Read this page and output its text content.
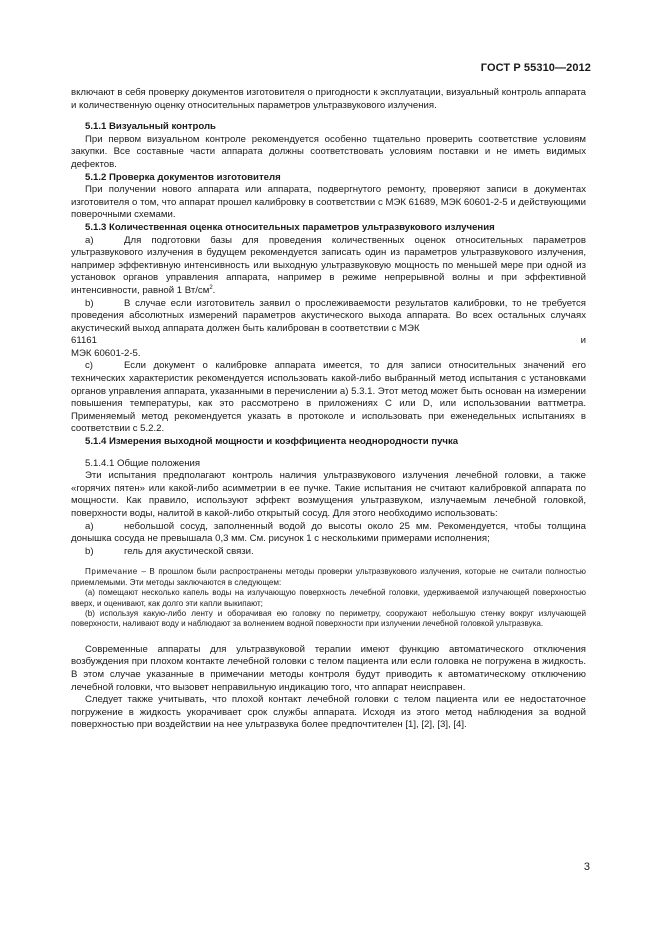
ГОСТ Р 55310—2012

включают в себя проверку документов изготовителя о пригодности к эксплуатации, визуальный контроль аппарата и количественную оценку относительных параметров ультразвукового излучения.

5.1.1 Визуальный контроль

При первом визуальном контроле рекомендуется особенно тщательно проверить соответствие условиям закупки. Все составные части аппарата должны соответствовать условиям поставки и не иметь видимых дефектов.

5.1.2 Проверка документов изготовителя

При получении нового аппарата или аппарата, подвергнутого ремонту, проверяют записи в документах изготовителя о том, что аппарат прошел калибровку в соответствии с МЭК 61689, МЭК 60601-2-5 и действующими поверочными схемами.

5.1.3 Количественная оценка относительных параметров ультразвукового излучения

a)	Для подготовки базы для проведения количественных оценок относительных параметров ультразвукового излучения в будущем рекомендуется записать один из параметров ультразвукового излучения, например эффективную интенсивность или выходную ультразвуковую мощность по меньшей мере при одной из установок органов управления аппарата, например в режиме непрерывной волны и при эффективной интенсивности, равной 1 $Вт/см^2$.

b)	В случае если изготовитель заявил о прослеживаемости результатов калибровки, то не требуется проведения абсолютных измерений параметров акустического выхода аппарата. Во всех остальных случаях акустический выход аппарата должен быть калиброван в соответствии с МЭК

61161	и

МЭК 60601-2-5.

c)	Если документ о калибровке аппарата имеется, то для записи относительных значений его технических характеристик рекомендуется использовать какой-либо выбранный метод испытания с установками органов управления аппарата, указанными в перечислении а) 5.3.1. Этот метод может быть основан на измерении повышения температуры, как это рассмотрено в приложениях С или D, или использовании ваттметра. Применяемый метод рекомендуется указать в протоколе и использовать при еженедельных испытаниях в соответствии с 5.2.2.

5.1.4 Измерения выходной мощности и коэффициента неоднородности пучка

5.1.4.1 Общие положения

Эти испытания предполагают контроль наличия ультразвукового излучения лечебной головки, а также «горячих пятен» или какой-либо асимметрии в ее пучке. Такие испытания не считают калибровкой аппарата по мощности. Как правило, используют эффект возмущения ультразвуком, излучаемым лечебной головкой, поверхности воды, налитой в какой-либо открытый сосуд. Для этого необходимо использовать:

a)	небольшой сосуд, заполненный водой до высоты около 25 мм. Рекомендуется, чтобы толщина донышка сосуда не превышала 0,3 мм. См. рисунок 1 с несколькими примерами исполнения;

b)	гель для акустической связи.

Примечание – В прошлом были распространены методы проверки ультразвукового излучения, которые не считали полностью приемлемыми. Эти методы заключаются в следующем:

(a) помещают несколько капель воды на излучающую поверхность лечебной головки, удерживаемой излучающей поверхностью вверх, и оценивают, как долго эти капли выкипают;

(b) используя какую-либо ленту и оборачивая ею головку по периметру, сооружают небольшую стенку вокруг излучающей поверхности, наливают воду и наблюдают за волнением водной поверхности при излучении лечебной головкой ультразвука.

Современные аппараты для ультразвуковой терапии имеют функцию автоматического отключения возбуждения при плохом контакте лечебной головки с телом пациента или если головка не погружена в жидкость. В этом случае указанные в примечании методы контроля будут приводить к автоматическому отключению лечебной головки, что вызовет неправильную индикацию того, что аппарат неисправен.

Следует также учитывать, что плохой контакт лечебной головки с телом пациента или ее недостаточное погружение в жидкость укорачивает срок службы аппарата. Исходя из этого метод наблюдения за водной поверхностью при воздействии на нее ультразвука более предпочтителен [1], [2], [3], [4].

3
